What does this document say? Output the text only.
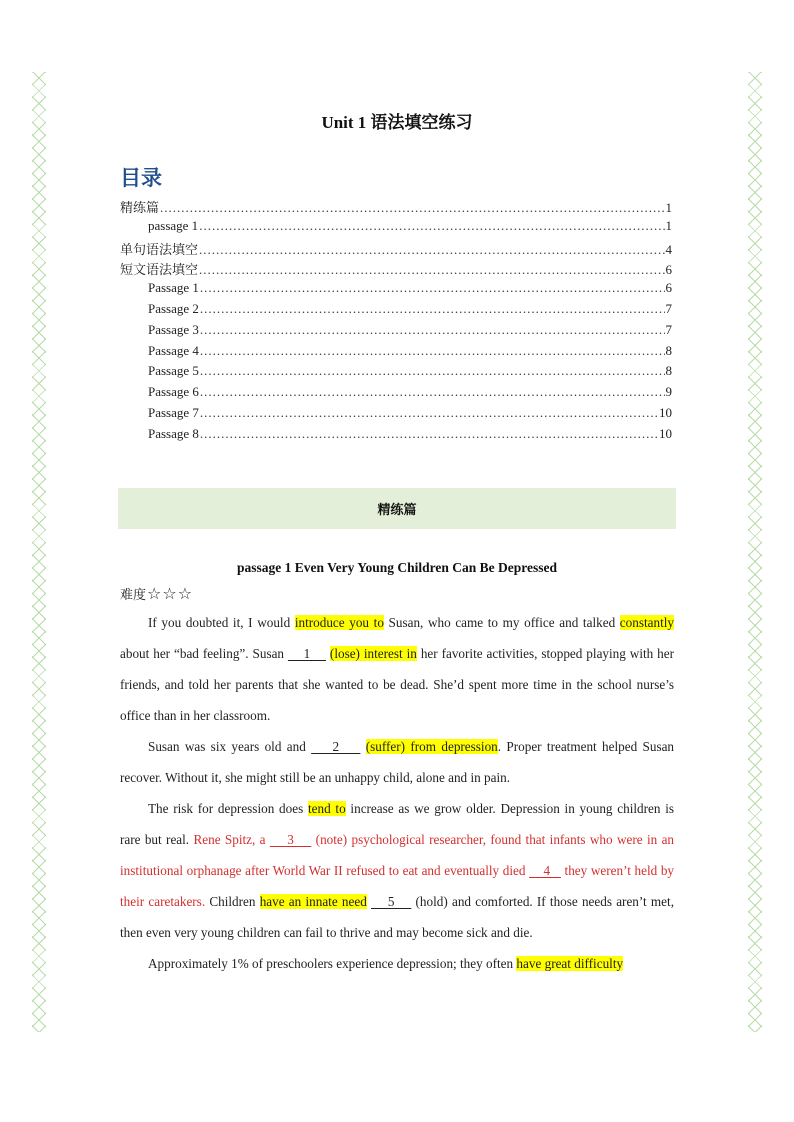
Unit 1 语法填空练习
目录
精练篇 .....	1
passage 1 .....	1
单句语法填空 .....	4
短文语法填空 .....	6
Passage 1 .....	6
Passage 2 .....	7
Passage 3 .....	7
Passage 4 .....	8
Passage 5 .....	8
Passage 6 .....	9
Passage 7 .....	10
Passage 8 .....	10
精练篇
passage 1 Even Very Young Children Can Be Depressed
难度 ☆☆☆

If you doubted it, I would introduce you to Susan, who came to my office and talked constantly about her “bad feeling”. Susan     1     (lose) interest in her favorite activities, stopped playing with her friends, and told her parents that she wanted to be dead. She’d spent more time in the school nurse’s office than in her classroom.

Susan was six years old and     2     (suffer) from depression. Proper treatment helped Susan recover. Without it, she might still be an unhappy child, alone and in pain.

The risk for depression does tend to increase as we grow older. Depression in young children is rare but real. Rene Spitz, a     3     (note) psychological researcher, found that infants who were in an institutional orphanage after World War II refused to eat and eventually died     4    they weren’t held by their caretakers. Children have an innate need     5     (hold) and comforted. If those needs aren’t met, then even very young children can fail to thrive and may become sick and die.

Approximately 1% of preschoolers experience depression; they often have great difficulty
